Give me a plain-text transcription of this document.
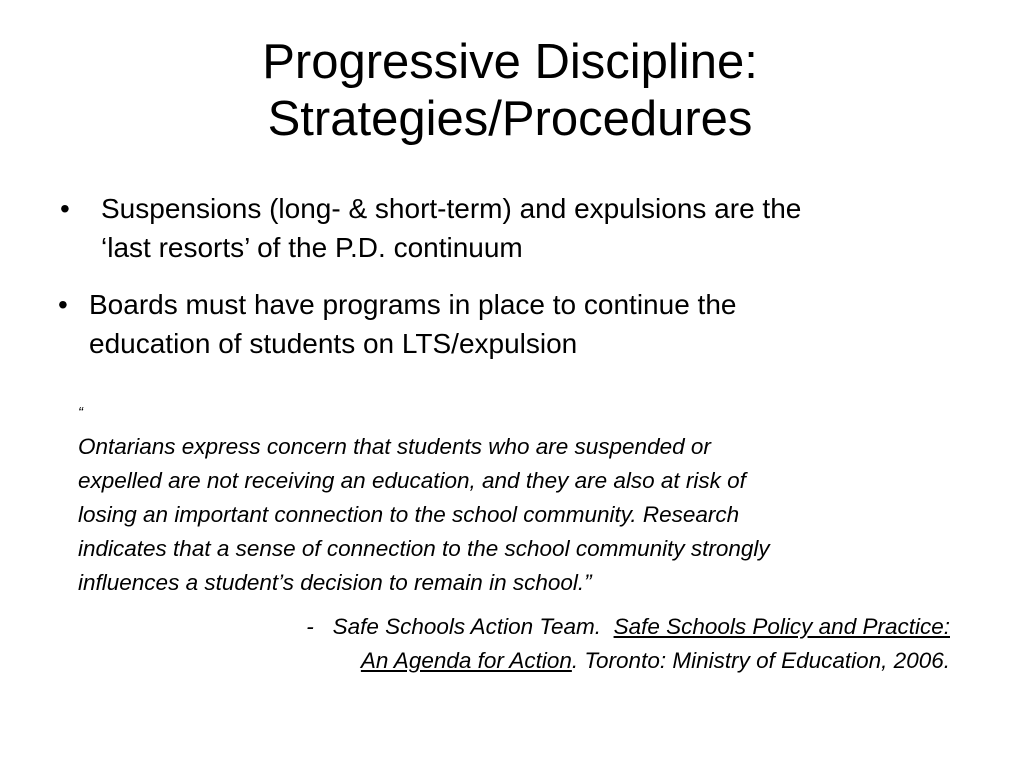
Progressive Discipline:
Strategies/Procedures
• Suspensions (long- & short-term) and expulsions are the
‘last resorts’ of the P.D. continuum
• Boards must have programs in place to continue the
education of students on LTS/expulsion
“
Ontarians express concern that students who are suspended or
expelled are not receiving an education, and they are also at risk of
losing an important connection to the school community. Research
indicates that a sense of connection to the school community strongly
influences a student’s decision to remain in school.”
- Safe Schools Action Team. Safe Schools Policy and Practice:
An Agenda for Action. Toronto: Ministry of Education, 2006.
